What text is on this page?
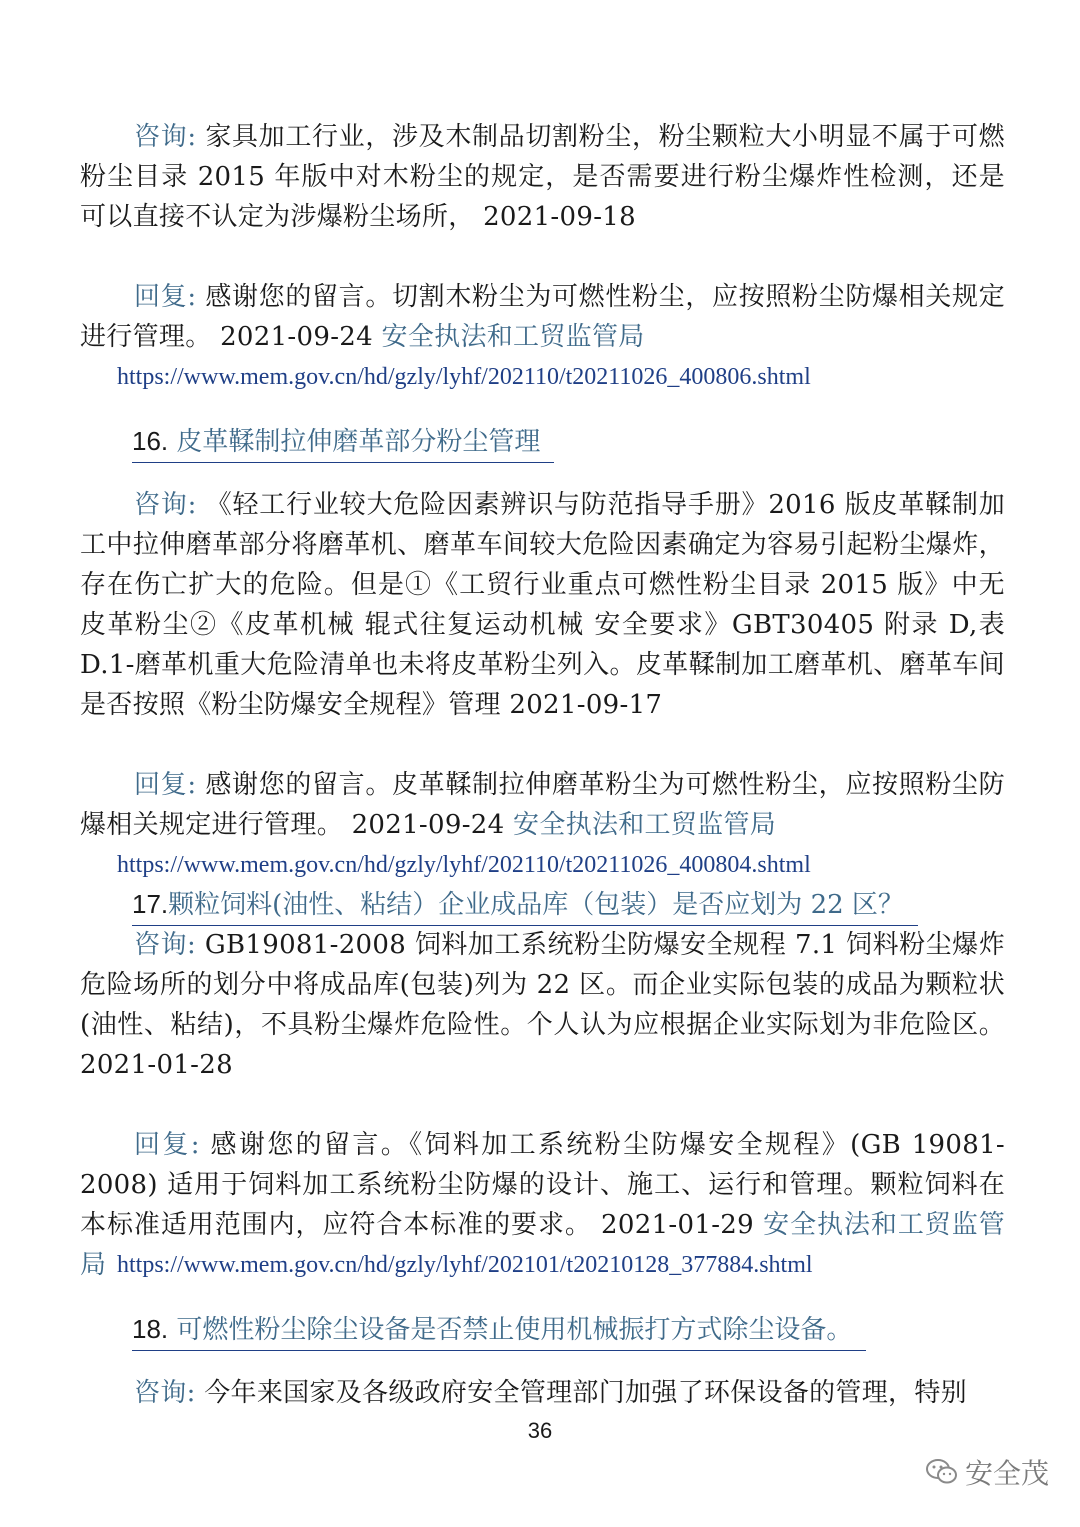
咨询: 家具加工行业，涉及木制品切割粉尘，粉尘颗粒大小明显不属于可燃粉尘目录 2015 年版中对木粉尘的规定，是否需要进行粉尘爆炸性检测，还是可以直接不认定为涉爆粉尘场所， 2021-09-18

回复: 感谢您的留言。切割木粉尘为可燃性粉尘，应按照粉尘防爆相关规定进行管理。 2021-09-24 安全执法和工贸监管局

https://www.mem.gov.cn/hd/gzly/lyhf/202110/t20211026_400806.shtml
16. 皮革鞣制拉伸磨革部分粉尘管理

咨询: 《轻工行业较大危险因素辨识与防范指导手册》2016 版皮革鞣制加工中拉伸磨革部分将磨革机、磨革车间较大危险因素确定为容易引起粉尘爆炸，存在伤亡扩大的危险。但是①《工贸行业重点可燃性粉尘目录 2015 版》中无皮革粉尘②《皮革机械 辊式往复运动机械 安全要求》GBT30405 附录 D,表 D.1-磨革机重大危险清单也未将皮革粉尘列入。皮革鞣制加工磨革机、磨革车间是否按照《粉尘防爆安全规程》管理 2021-09-17

回复: 感谢您的留言。皮革鞣制拉伸磨革粉尘为可燃性粉尘，应按照粉尘防爆相关规定进行管理。 2021-09-24 安全执法和工贸监管局

https://www.mem.gov.cn/hd/gzly/lyhf/202110/t20211026_400804.shtml
17.颗粒饲料(油性、粘结）企业成品库（包装）是否应划为 22 区？

咨询: GB19081-2008 饲料加工系统粉尘防爆安全规程 7.1 饲料粉尘爆炸危险场所的划分中将成品库(包装)列为 22 区。而企业实际包装的成品为颗粒状(油性、粘结)，不具粉尘爆炸危险性。个人认为应根据企业实际划为非危险区。 2021-01-28

回复: 感谢您的留言。《饲料加工系统粉尘防爆安全规程》(GB 19081-2008) 适用于饲料加工系统粉尘防爆的设计、施工、运行和管理。颗粒饲料在本标准适用范围内，应符合本标准的要求。 2021-01-29 安全执法和工贸监管局 https://www.mem.gov.cn/hd/gzly/lyhf/202101/t20210128_377884.shtml
18. 可燃性粉尘除尘设备是否禁止使用机械振打方式除尘设备。

咨询: 今年来国家及各级政府安全管理部门加强了环保设备的管理，特别

36
安全茂
